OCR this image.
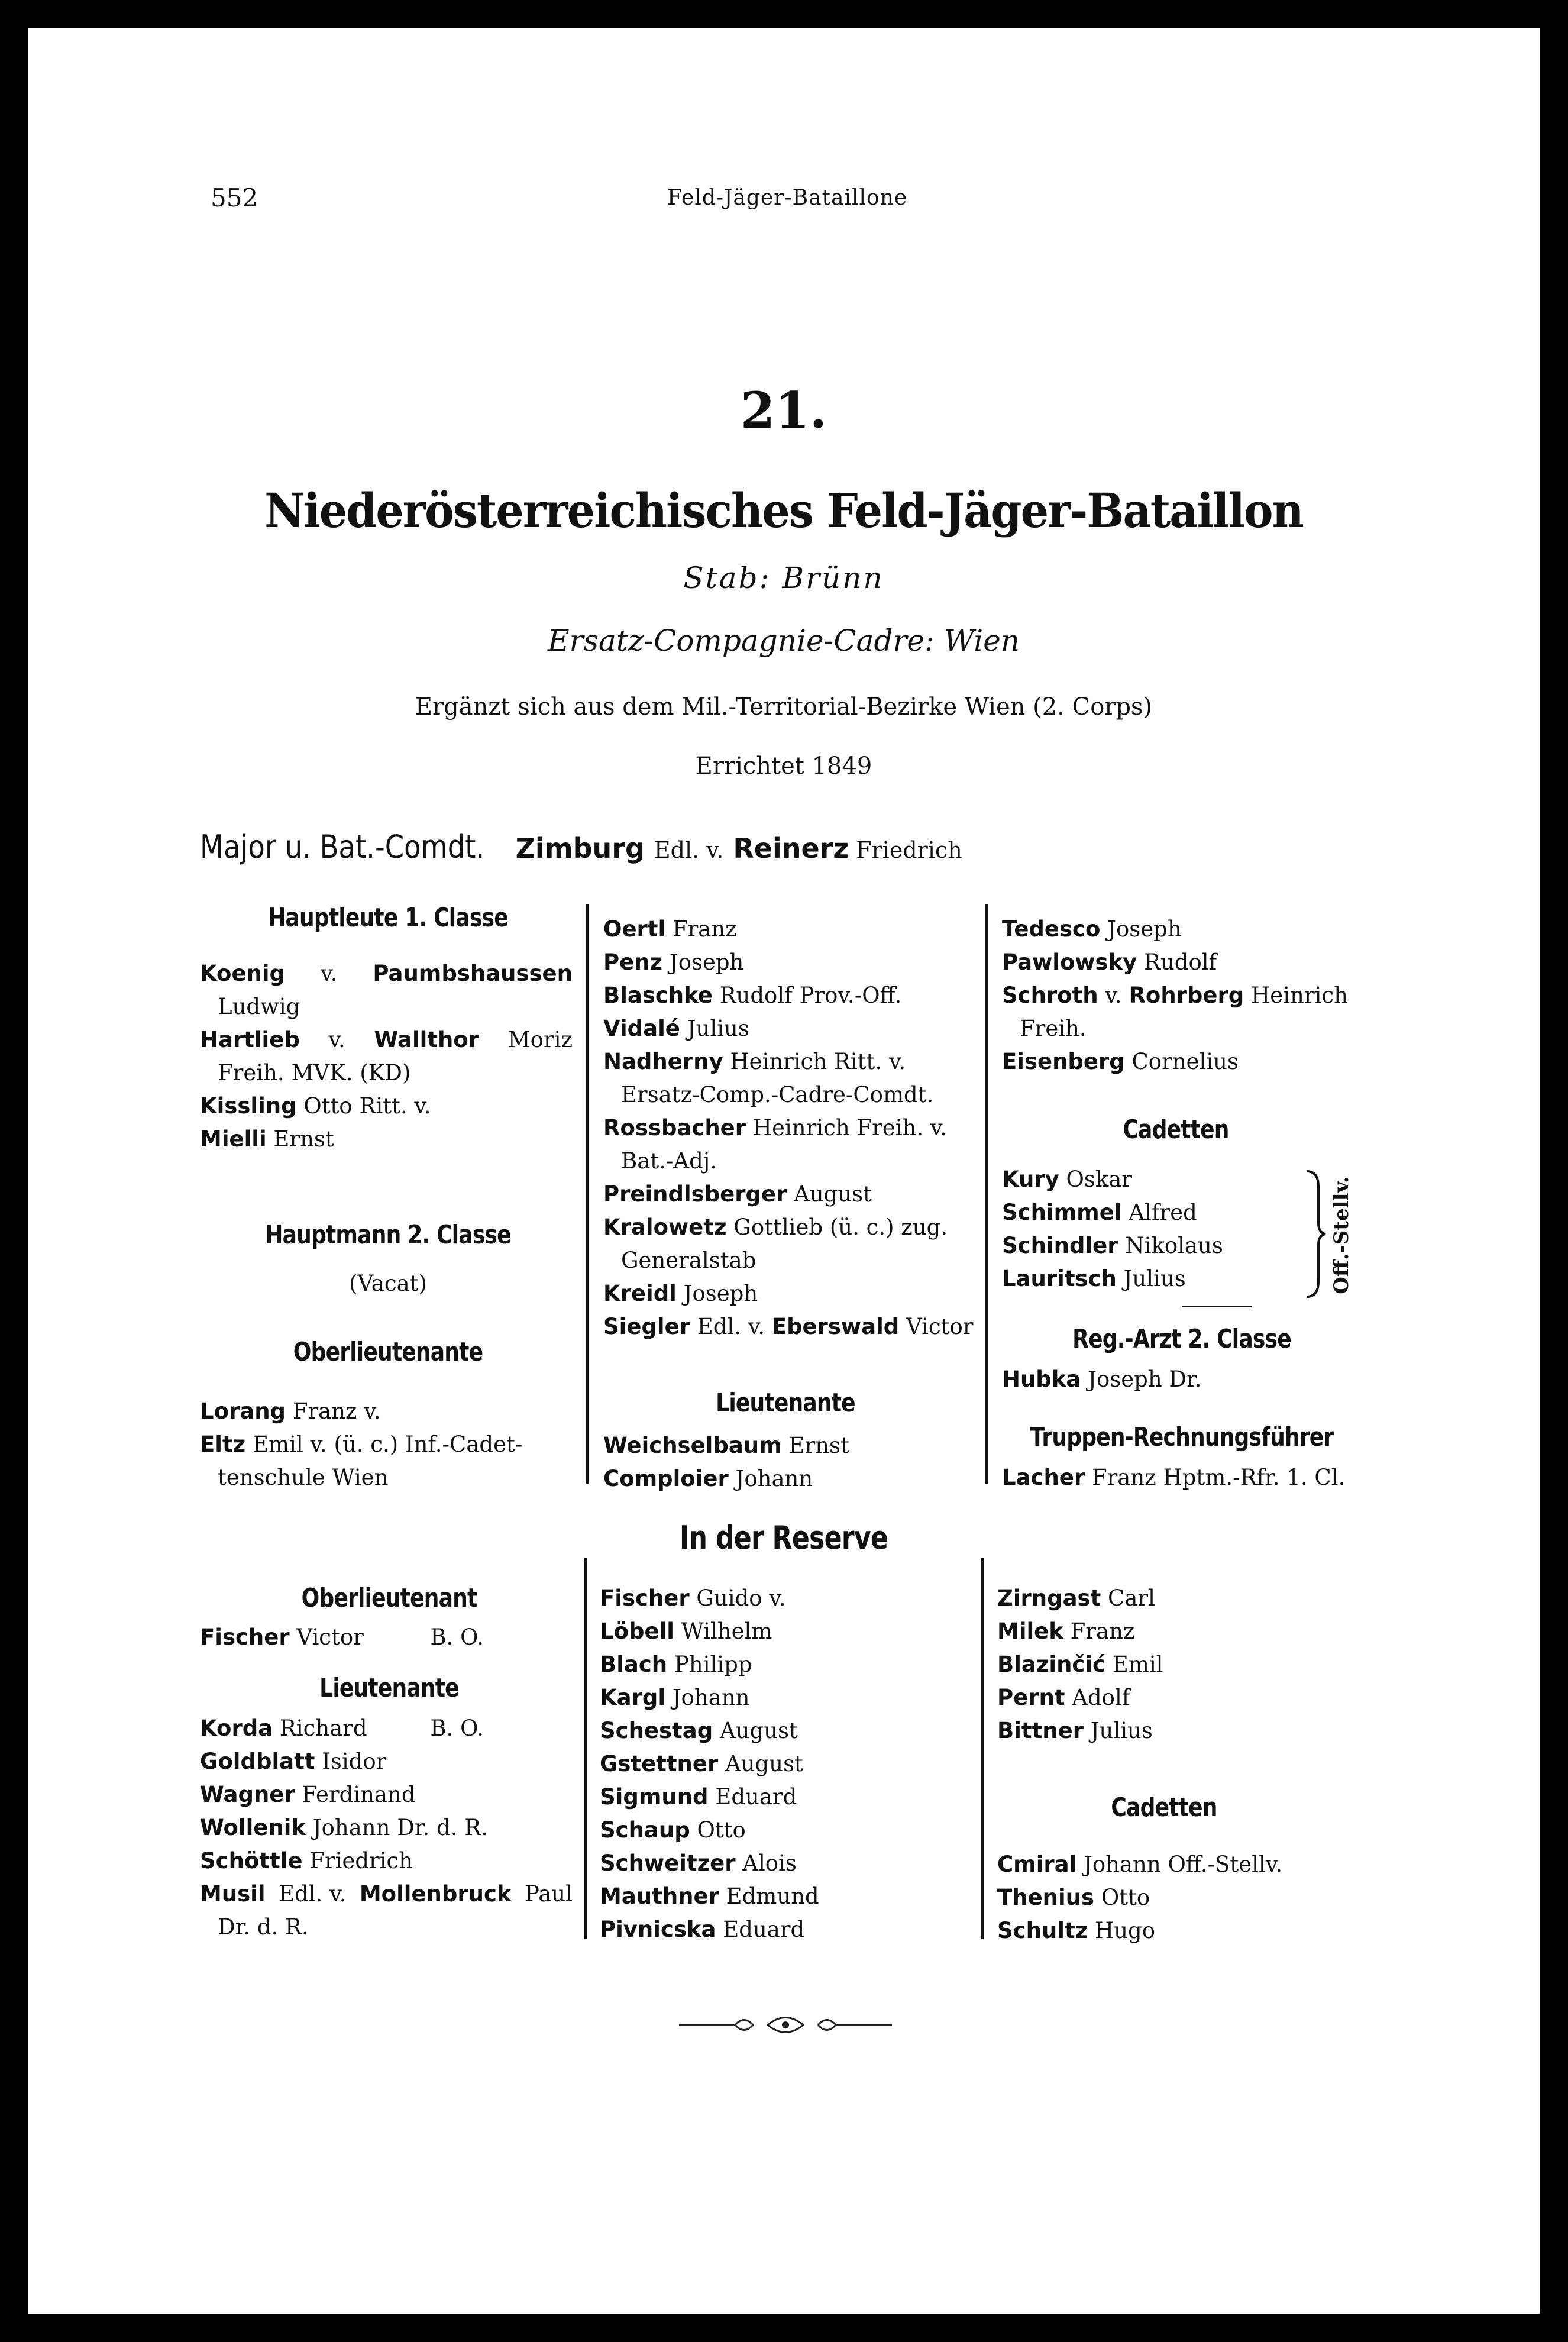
552	Feld-Jäger-Bataillone
21.
Niederösterreichisches Feld-Jäger-Bataillon
Stab: Brünn
Ersatz-Compagnie-Cadre: Wien
Ergänzt sich aus dem Mil.-Territorial-Bezirke Wien (2. Corps)
Errichtet 1849
Major u. Bat.-Comdt. Zimburg Edl. v. Reinerz Friedrich
Hauptleute 1. Classe
Koenig v. Paumbshaussen
Ludwig
Hartlieb v. Wallthor Moriz
Freih. MVK. (KD)
Kissling Otto Ritt. v.
Mielli Ernst
Hauptmann 2. Classe
(Vacat)
Oberlieutenante
Lorang Franz v.
Eltz Emil v. (ü. c.) Inf.-Cadet-
tenschule Wien
Oertl Franz
Penz Joseph
Blaschke Rudolf Prov.-Off.
Vidalé Julius
Nadherny Heinrich Ritt. v.
Ersatz-Comp.-Cadre-Comdt.
Rossbacher Heinrich Freih. v.
Bat.-Adj.
Preindlsberger August
Kralowetz Gottlieb (ü. c.) zug.
Generalstab
Kreidl Joseph
Siegler Edl. v. Eberswald Victor
Lieutenante
Weichselbaum Ernst
Comploier Johann
Tedesco Joseph
Pawlowsky Rudolf
Schroth v. Rohrberg Heinrich
Freih.
Eisenberg Cornelius
Cadetten
Kury Oskar
Schimmel Alfred
Schindler Nikolaus
Lauritsch Julius	Off.-Stellv.
Reg.-Arzt 2. Classe
Hubka Joseph Dr.
Truppen-Rechnungsführer
Lacher Franz Hptm.-Rfr. 1. Cl.
In der Reserve
Oberlieutenant
Fischer Victor	B. O.
Lieutenante
Korda Richard	B. O.
Goldblatt Isidor
Wagner Ferdinand
Wollenik Johann Dr. d. R.
Schöttle Friedrich
Musil Edl. v. Mollenbruck Paul
Dr. d. R.
Fischer Guido v.
Löbell Wilhelm
Blach Philipp
Kargl Johann
Schestag August
Gstettner August
Sigmund Eduard
Schaup Otto
Schweitzer Alois
Mauthner Edmund
Pivnicska Eduard
Zirngast Carl
Milek Franz
Blazinčić Emil
Pernt Adolf
Bittner Julius
Cadetten
Cmiral Johann Off.-Stellv.
Thenius Otto
Schultz Hugo
